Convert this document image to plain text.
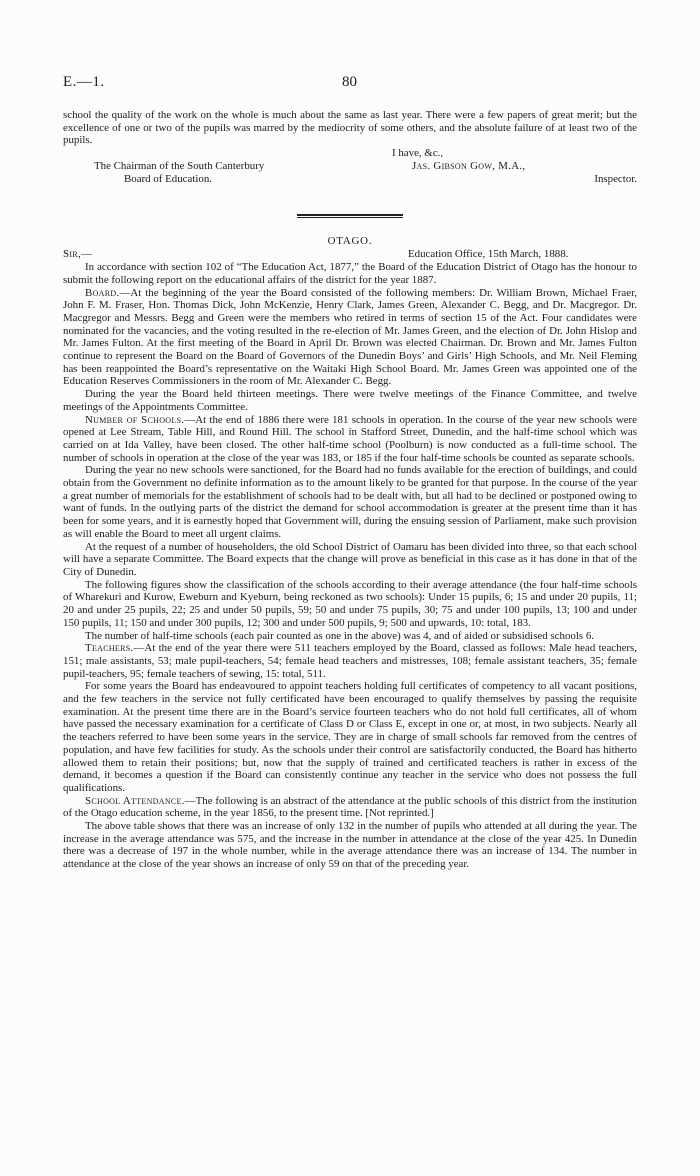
E.—1.	80

school the quality of the work on the whole is much about the same as last year. There were a few papers of great merit; but the excellence of one or two of the pupils was marred by the mediocrity of some others, and the absolute failure of at least two of the pupils.

I have, &c.,
The Chairman of the South Canterbury
Board of Education.
Jas. Gibson Gow, M.A.,
Inspector.
OTAGO.
Sir,—	Education Office, 15th March, 1888.

In accordance with section 102 of “The Education Act, 1877,” the Board of the Education District of Otago has the honour to submit the following report on the educational affairs of the district for the year 1887.

Board.—At the beginning of the year the Board consisted of the following members: Dr. William Brown, Michael Fraer, John F. M. Fraser, Hon. Thomas Dick, John McKenzie, Henry Clark, James Green, Alexander C. Begg, and Dr. Macgregor. Dr. Macgregor and Messrs. Begg and Green were the members who retired in terms of section 15 of the Act. Four candidates were nominated for the vacancies, and the voting resulted in the re-election of Mr. James Green, and the election of Dr. John Hislop and Mr. James Fulton. At the first meeting of the Board in April Dr. Brown was elected Chairman. Dr. Brown and Mr. James Fulton continue to represent the Board on the Board of Governors of the Dunedin Boys’ and Girls’ High Schools, and Mr. Neil Fleming has been reappointed the Board’s representative on the Waitaki High School Board. Mr. James Green was appointed one of the Education Reserves Commissioners in the room of Mr. Alexander C. Begg.

During the year the Board held thirteen meetings. There were twelve meetings of the Finance Committee, and twelve meetings of the Appointments Committee.

Number of Schools.—At the end of 1886 there were 181 schools in operation. In the course of the year new schools were opened at Lee Stream, Table Hill, and Round Hill. The school in Stafford Street, Dunedin, and the half-time school which was carried on at Ida Valley, have been closed. The other half-time school (Poolburn) is now conducted as a full-time school. The number of schools in operation at the close of the year was 183, or 185 if the four half-time schools be counted as separate schools.

During the year no new schools were sanctioned, for the Board had no funds available for the erection of buildings, and could obtain from the Government no definite information as to the amount likely to be granted for that purpose. In the course of the year a great number of memorials for the establishment of schools had to be dealt with, but all had to be declined or postponed owing to want of funds. In the outlying parts of the district the demand for school accommodation is greater at the present time than it has been for some years, and it is earnestly hoped that Government will, during the ensuing session of Parliament, make such provision as will enable the Board to meet all urgent claims.

At the request of a number of householders, the old School District of Oamaru has been divided into three, so that each school will have a separate Committee. The Board expects that the change will prove as beneficial in this case as it has done in that of the City of Dunedin.

The following figures show the classification of the schools according to their average attendance (the four half-time schools of Wharekuri and Kurow, Eweburn and Kyeburn, being reckoned as two schools): Under 15 pupils, 6; 15 and under 20 pupils, 11; 20 and under 25 pupils, 22; 25 and under 50 pupils, 59; 50 and under 75 pupils, 30; 75 and under 100 pupils, 13; 100 and under 150 pupils, 11; 150 and under 300 pupils, 12; 300 and under 500 pupils, 9; 500 and upwards, 10: total, 183.

The number of half-time schools (each pair counted as one in the above) was 4, and of aided or subsidised schools 6.

Teachers.—At the end of the year there were 511 teachers employed by the Board, classed as follows: Male head teachers, 151; male assistants, 53; male pupil-teachers, 54; female head teachers and mistresses, 108; female assistant teachers, 35; female pupil-teachers, 95; female teachers of sewing, 15: total, 511.

For some years the Board has endeavoured to appoint teachers holding full certificates of competency to all vacant positions, and the few teachers in the service not fully certificated have been encouraged to qualify themselves by passing the requisite examination. At the present time there are in the Board’s service fourteen teachers who do not hold full certificates, all of whom have passed the necessary examination for a certificate of Class D or Class E, except in one or, at most, in two subjects. Nearly all the teachers referred to have been some years in the service. They are in charge of small schools far removed from the centres of population, and have few facilities for study. As the schools under their control are satisfactorily conducted, the Board has hitherto allowed them to retain their positions; but, now that the supply of trained and certificated teachers is rather in excess of the demand, it becomes a question if the Board can consistently continue any teacher in the service who does not possess the full qualifications.

School Attendance.—The following is an abstract of the attendance at the public schools of this district from the institution of the Otago education scheme, in the year 1856, to the present time. [Not reprinted.]

The above table shows that there was an increase of only 132 in the number of pupils who attended at all during the year. The increase in the average attendance was 575, and the increase in the number in attendance at the close of the year 425. In Dunedin there was a decrease of 197 in the whole number, while in the average attendance there was an increase of 134. The number in attendance at the close of the year shows an increase of only 59 on that of the preceding year.
